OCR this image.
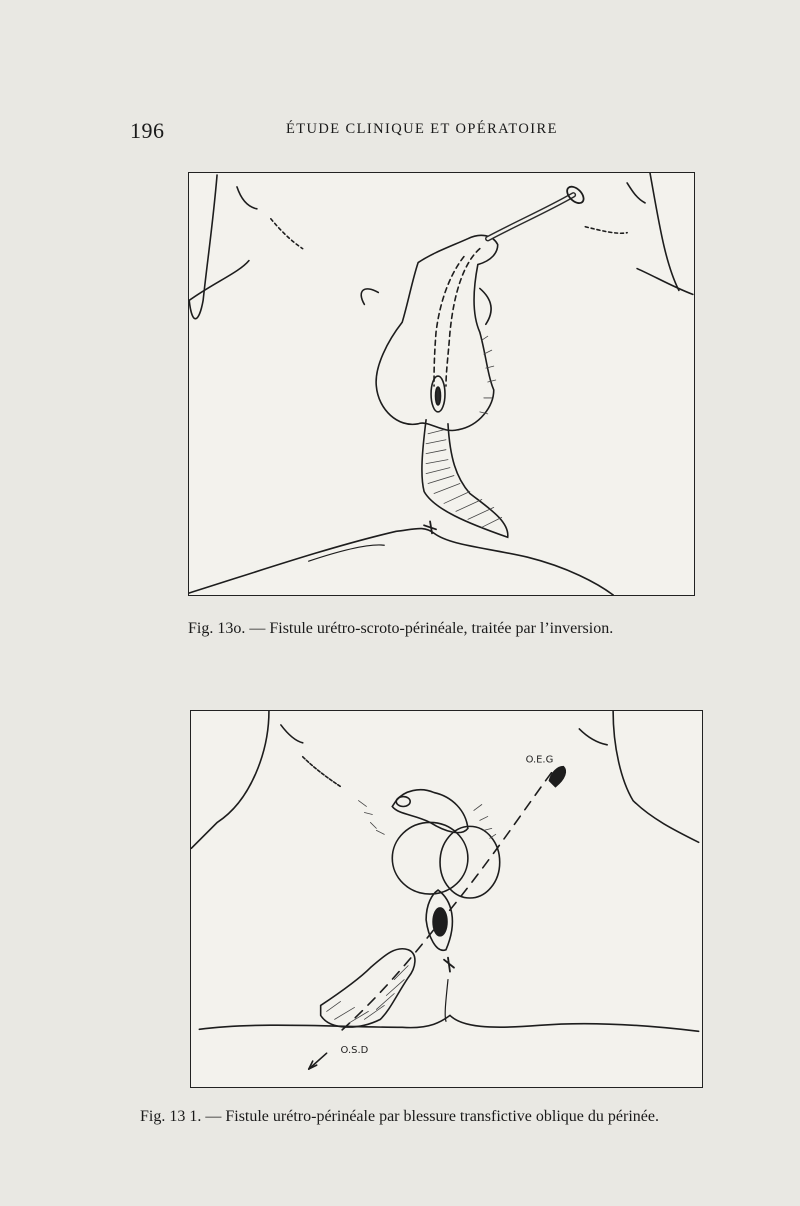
196	ÉTUDE CLINIQUE ET OPÉRATOIRE
Fig. 13o. — Fistule urétro-scroto-périnéale, traitée par l’inversion.
O.E.G
O.S.D
Fig. 13 1. — Fistule urétro-périnéale par blessure transfictive oblique du périnée.
